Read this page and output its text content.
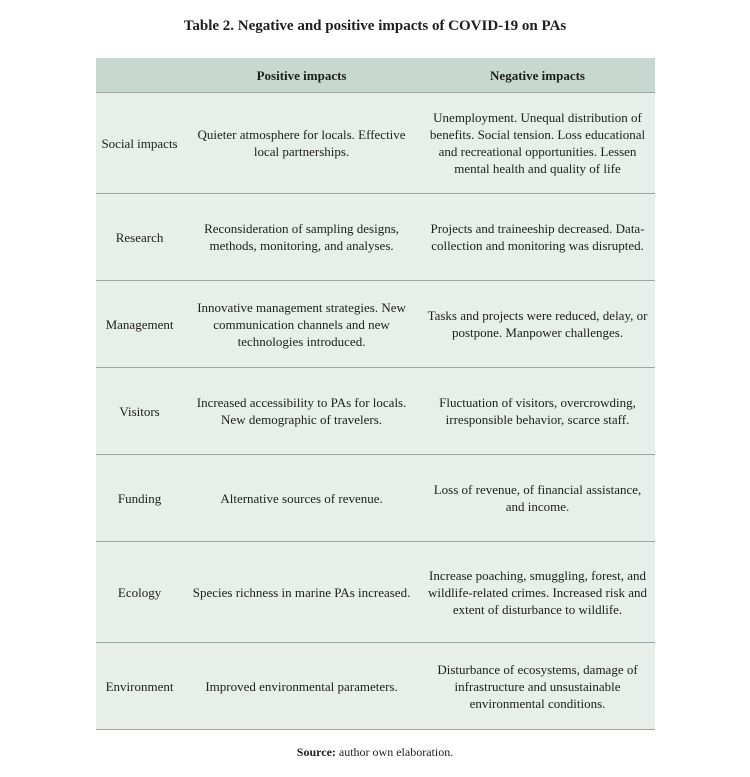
Table 2. Negative and positive impacts of COVID-19 on PAs
	Positive impacts	Negative impacts
Social impacts	Quieter atmosphere for locals. Effective local partnerships.	Unemployment. Unequal distribution of benefits. Social tension. Loss educational and recreational opportunities. Lessen mental health and quality of life
Research	Reconsideration of sampling designs, methods, monitoring, and analyses.	Projects and traineeship decreased. Data-collection and monitoring was disrupted.
Management	Innovative management strategies. New communication channels and new technologies introduced.	Tasks and projects were reduced, delay, or postpone. Manpower challenges.
Visitors	Increased accessibility to PAs for locals. New demographic of travelers.	Fluctuation of visitors, overcrowding, irresponsible behavior, scarce staff.
Funding	Alternative sources of revenue.	Loss of revenue, of financial assistance, and income.
Ecology	Species richness in marine PAs increased.	Increase poaching, smuggling, forest, and wildlife-related crimes. Increased risk and extent of disturbance to wildlife.
Environment	Improved environmental parameters.	Disturbance of ecosystems, damage of infrastructure and unsustainable environmental conditions.
Source: author own elaboration.
